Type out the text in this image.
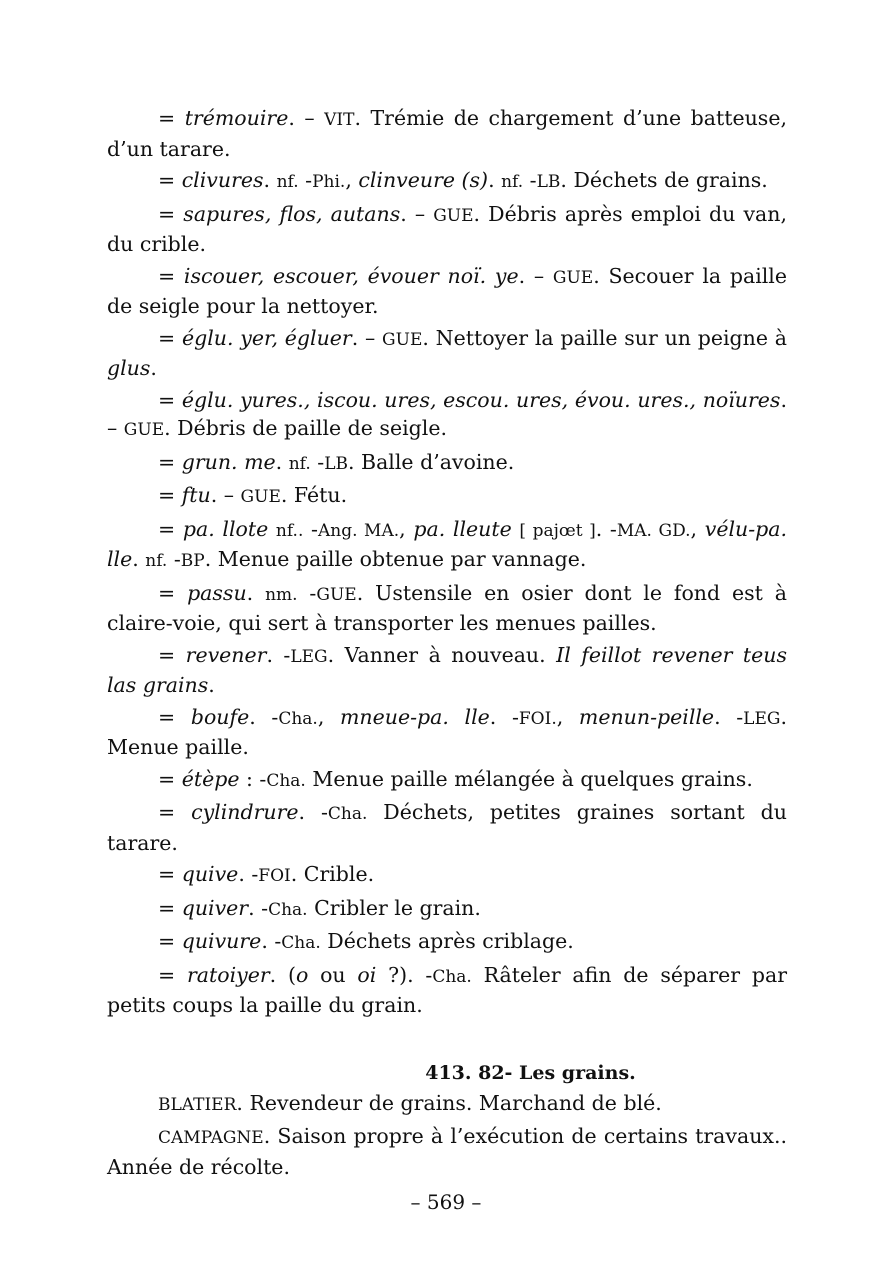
= trémouire. – VIT. Trémie de chargement d’une batteuse, d’un tarare.

= clivures. nf. -Phi., clinveure (s). nf. -LB. Déchets de grains.

= sapures, flos, autans. – GUE. Débris après emploi du van, du crible.

= iscouer, escouer, évouer noï. ye. – GUE. Secouer la paille de seigle pour la nettoyer.

= églu. yer, égluer. – GUE. Nettoyer la paille sur un peigne à glus.

= églu. yures., iscou. ures, escou. ures, évou. ures., noïures. – GUE. Débris de paille de seigle.

= grun. me. nf. -LB. Balle d’avoine.

= ftu. – GUE. Fétu.

= pa. llote nf.. -Ang. MA., pa. lleute [ pajœt ]. -MA. GD., vélu-pa. lle. nf. -BP. Menue paille obtenue par vannage.

= passu. nm. -GUE. Ustensile en osier dont le fond est à claire-voie, qui sert à transporter les menues pailles.

= revener. -LEG. Vanner à nouveau. Il feillot revener teus las grains.

= boufe. -Cha., mneue-pa. lle. -FOI., menun-peille. -LEG. Menue paille.

= étèpe : -Cha. Menue paille mélangée à quelques grains.

= cylindrure. -Cha. Déchets, petites graines sortant du tarare.

= quive. -FOI. Crible.

= quiver. -Cha. Cribler le grain.

= quivure. -Cha. Déchets après criblage.

= ratoiyer. (o ou oi ?). -Cha. Râteler afin de séparer par petits coups la paille du grain.

413. 82- Les grains.

BLATIER. Revendeur de grains. Marchand de blé.

CAMPAGNE. Saison propre à l’exécution de certains travaux.. Année de récolte.

– 569 –
